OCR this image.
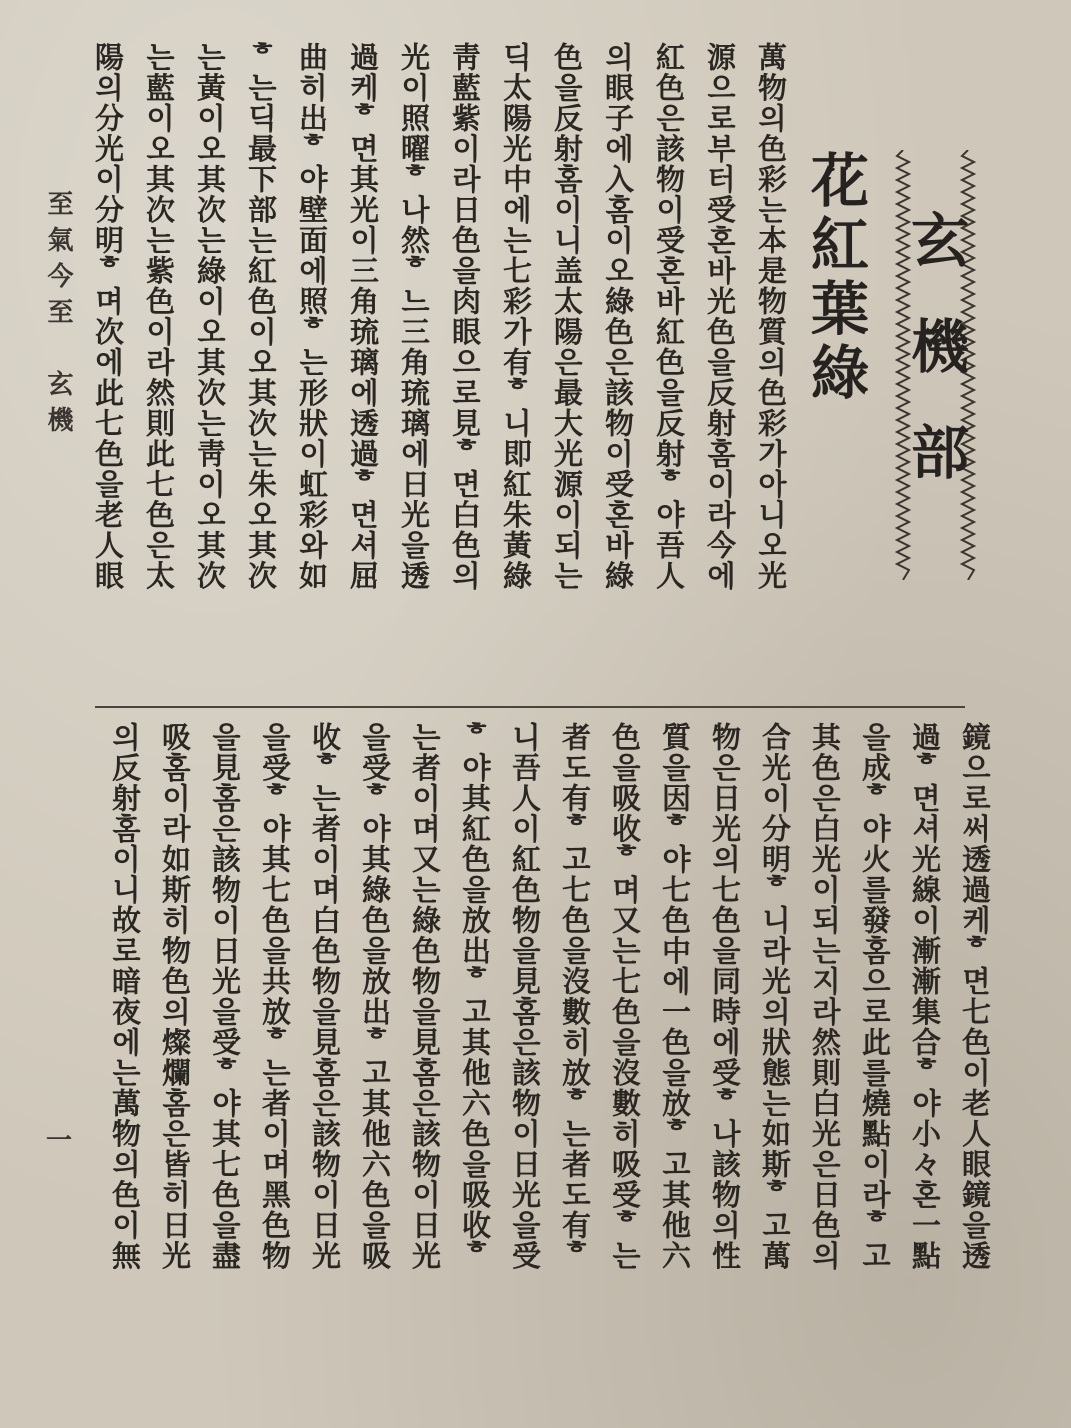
玄機部
花紅葉綠
萬物의色彩는本是物質의色彩가아니오光
源으로부터受혼바光色을反射홈이라今에
紅色은該物이受혼바紅色을反射ᄒ야吾人
의眼子에入홈이오綠色은該物이受혼바綠
色을反射홈이니盖太陽은最大光源이되는
딕太陽光中에는七彩가有ᄒ니即紅朱黃綠
靑藍紫이라日色을肉眼으로見ᄒ면白色의
光이照曜ᄒ나然ᄒ느三角琉璃에日光을透
過케ᄒ면其光이三角琉璃에透過ᄒ면셔屈
曲히出ᄒ야壁面에照ᄒ는形狀이虹彩와如
ᄒ는딕最下部는紅色이오其次는朱오其次
는黃이오其次는綠이오其次는靑이오其次
는藍이오其次는紫色이라然則此七色은太
陽의分光이分明ᄒ며次에此七色을老人眼
鏡으로써透過케ᄒ면七色이老人眼鏡을透
過ᄒ면셔光線이漸漸集合ᄒ야小々혼一點
을成ᄒ야火를發홈으로此를燒點이라ᄒ고
其色은白光이되는지라然則白光은日色의
合光이分明ᄒ니라光의狀態는如斯ᄒ고萬
物은日光의七色을同時에受ᄒ나該物의性
質을因ᄒ야七色中에一色을放ᄒ고其他六
色을吸收ᄒ며又는七色을沒數히吸受ᄒ는
者도有ᄒ고七色을沒數히放ᄒ는者도有ᄒ
니吾人이紅色物을見홈은該物이日光을受
ᄒ야其紅色을放出ᄒ고其他六色을吸收ᄒ
는者이며又는綠色物을見홈은該物이日光
을受ᄒ야其綠色을放出ᄒ고其他六色을吸
收ᄒ는者이며白色物을見홈은該物이日光
을受ᄒ야其七色을共放ᄒ는者이며黑色物
을見홈은該物이日光을受ᄒ야其七色을盡
吸홈이라如斯히物色의燦爛홈은皆히日光
의反射홈이니故로暗夜에는萬物의色이無
至氣今至　玄機
一
